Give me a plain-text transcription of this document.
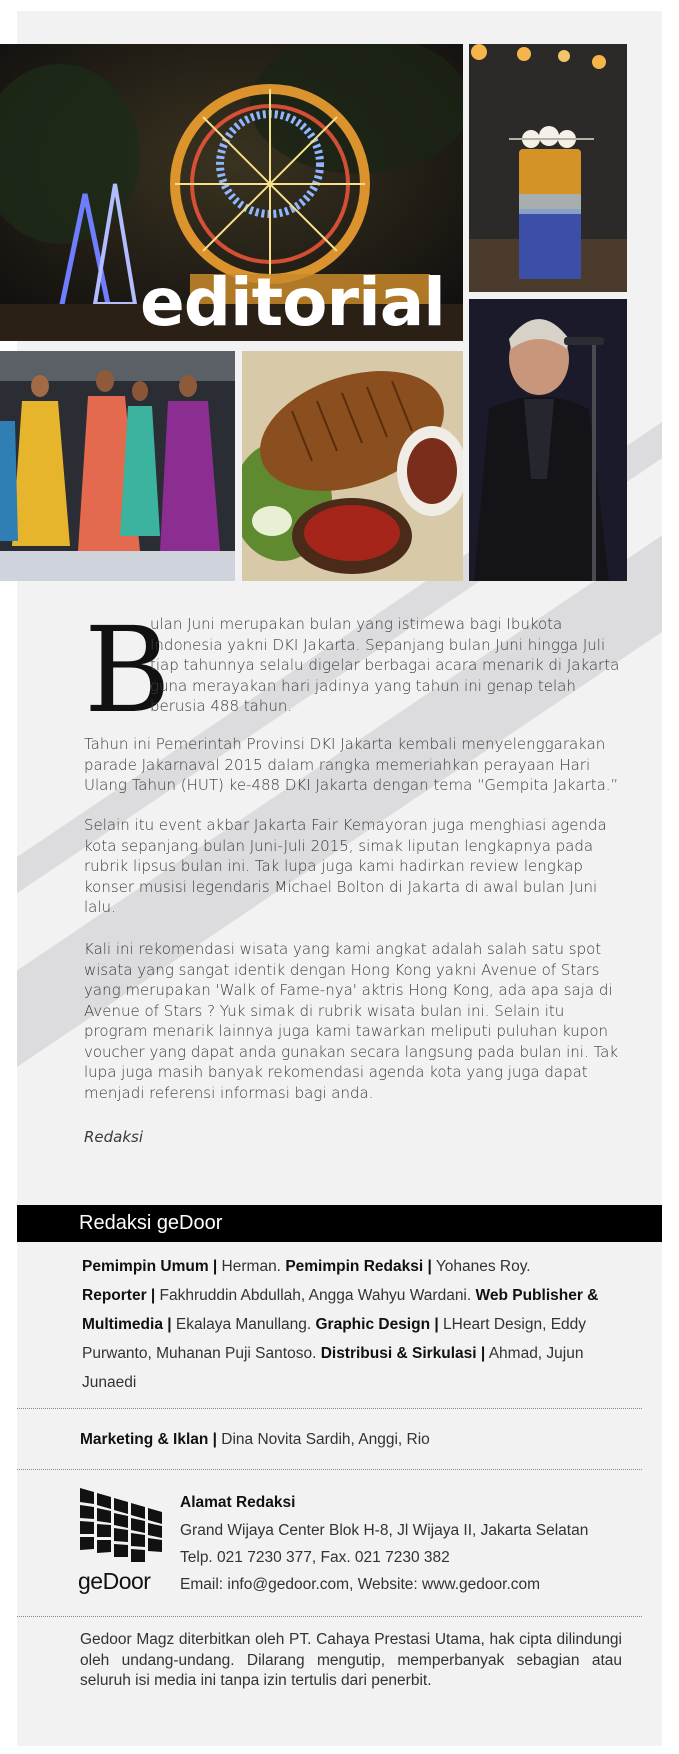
editorial
B
ulan Juni merupakan bulan yang istimewa bagi Ibukota Indonesia yakni DKI Jakarta. Sepanjang bulan Juni hingga Juli tiap tahunnya selalu digelar berbagai acara menarik di Jakarta guna merayakan hari jadinya yang tahun ini genap telah berusia 488 tahun.
Tahun ini Pemerintah Provinsi DKI Jakarta kembali menyelenggarakan parade Jakarnaval 2015 dalam rangka memeriahkan perayaan Hari Ulang Tahun (HUT) ke-488 DKI Jakarta dengan tema “Gempita Jakarta.”
Selain itu event akbar Jakarta Fair Kemayoran juga menghiasi agenda kota sepanjang bulan Juni-Juli 2015, simak liputan lengkapnya pada rubrik lipsus bulan ini. Tak lupa juga kami hadirkan review lengkap konser musisi legendaris Michael Bolton di Jakarta di awal bulan Juni lalu.
Kali ini rekomendasi wisata yang kami angkat adalah salah satu spot wisata yang sangat identik dengan Hong Kong yakni Avenue of Stars yang merupakan 'Walk of Fame-nya' aktris Hong Kong, ada apa saja di Avenue of Stars ? Yuk simak di rubrik wisata bulan ini. Selain itu program menarik lainnya juga kami tawarkan meliputi puluhan kupon voucher yang dapat anda gunakan secara langsung pada bulan ini. Tak lupa juga masih banyak rekomendasi agenda kota yang juga dapat menjadi referensi informasi bagi anda.
Redaksi
Redaksi geDoor
Pemimpin Umum | Herman. Pemimpin Redaksi | Yohanes Roy.
Reporter | Fakhruddin Abdullah, Angga Wahyu Wardani. Web Publisher & Multimedia | Ekalaya Manullang. Graphic Design | LHeart Design, Eddy Purwanto, Muhanan Puji Santoso. Distribusi & Sirkulasi | Ahmad, Jujun Junaedi
Marketing & Iklan | Dina Novita Sardih, Anggi, Rio
geDoor
Alamat Redaksi
Grand Wijaya Center Blok H-8, Jl Wijaya II, Jakarta Selatan
Telp. 021 7230 377, Fax. 021 7230 382
Email: info@gedoor.com, Website: www.gedoor.com
Gedoor Magz diterbitkan oleh PT. Cahaya Prestasi Utama, hak cipta dilindungi oleh undang-undang. Dilarang mengutip, memperbanyak sebagian atau seluruh isi media ini tanpa izin tertulis dari penerbit.
